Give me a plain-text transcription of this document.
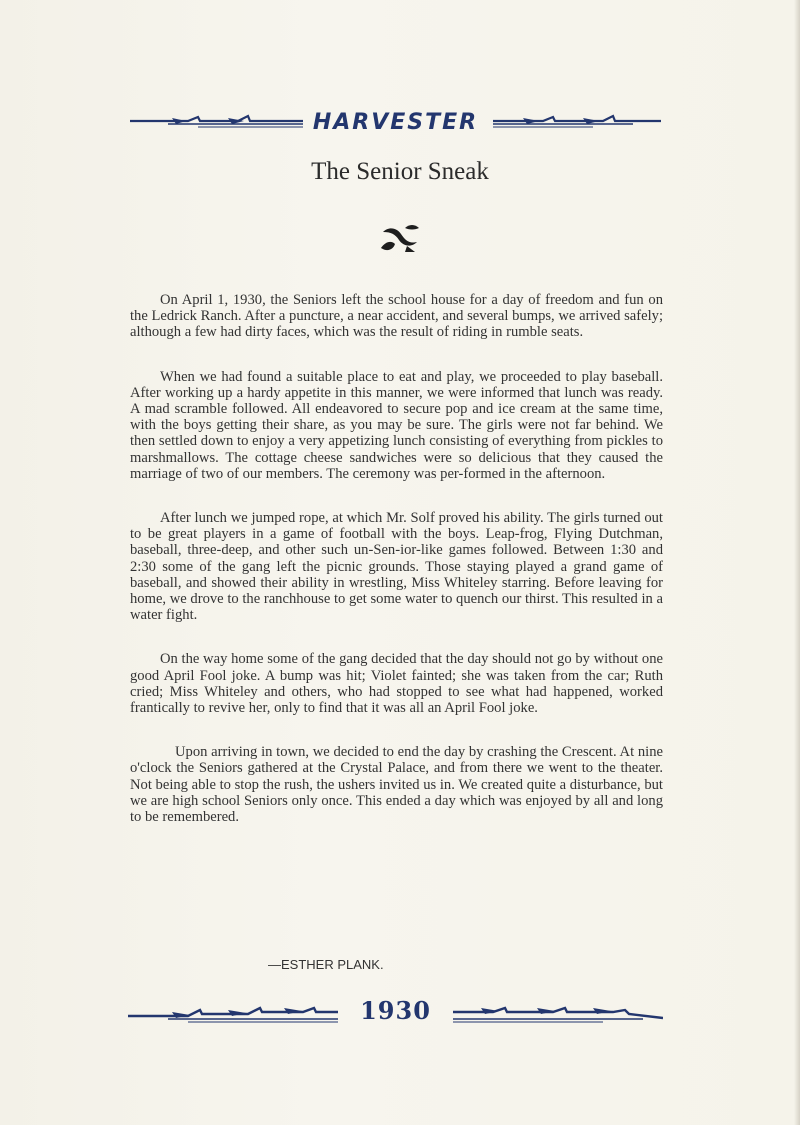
HARVESTER
The Senior Sneak

On April 1, 1930, the Seniors left the school house for a day of freedom and fun on the Ledrick Ranch. After a puncture, a near accident, and several bumps, we arrived safely; although a few had dirty faces, which was the result of riding in rumble seats.

When we had found a suitable place to eat and play, we proceeded to play baseball. After working up a hardy appetite in this manner, we were informed that lunch was ready. A mad scramble followed. All endeavored to secure pop and ice cream at the same time, with the boys getting their share, as you may be sure. The girls were not far behind. We then settled down to enjoy a very appetizing lunch consisting of everything from pickles to marshmallows. The cottage cheese sandwiches were so delicious that they caused the marriage of two of our members. The ceremony was per-formed in the afternoon.

After lunch we jumped rope, at which Mr. Solf proved his ability. The girls turned out to be great players in a game of football with the boys. Leap-frog, Flying Dutchman, baseball, three-deep, and other such un-Sen-ior-like games followed. Between 1:30 and 2:30 some of the gang left the picnic grounds. Those staying played a grand game of baseball, and showed their ability in wrestling, Miss Whiteley starring. Before leaving for home, we drove to the ranchhouse to get some water to quench our thirst. This resulted in a water fight.

On the way home some of the gang decided that the day should not go by without one good April Fool joke. A bump was hit; Violet fainted; she was taken from the car; Ruth cried; Miss Whiteley and others, who had stopped to see what had happened, worked frantically to revive her, only to find that it was all an April Fool joke.

Upon arriving in town, we decided to end the day by crashing the Crescent. At nine o'clock the Seniors gathered at the Crystal Palace, and from there we went to the theater. Not being able to stop the rush, the ushers invited us in. We created quite a disturbance, but we are high school Seniors only once. This ended a day which was enjoyed by all and long to be remembered.

—ESTHER PLANK.
1930
